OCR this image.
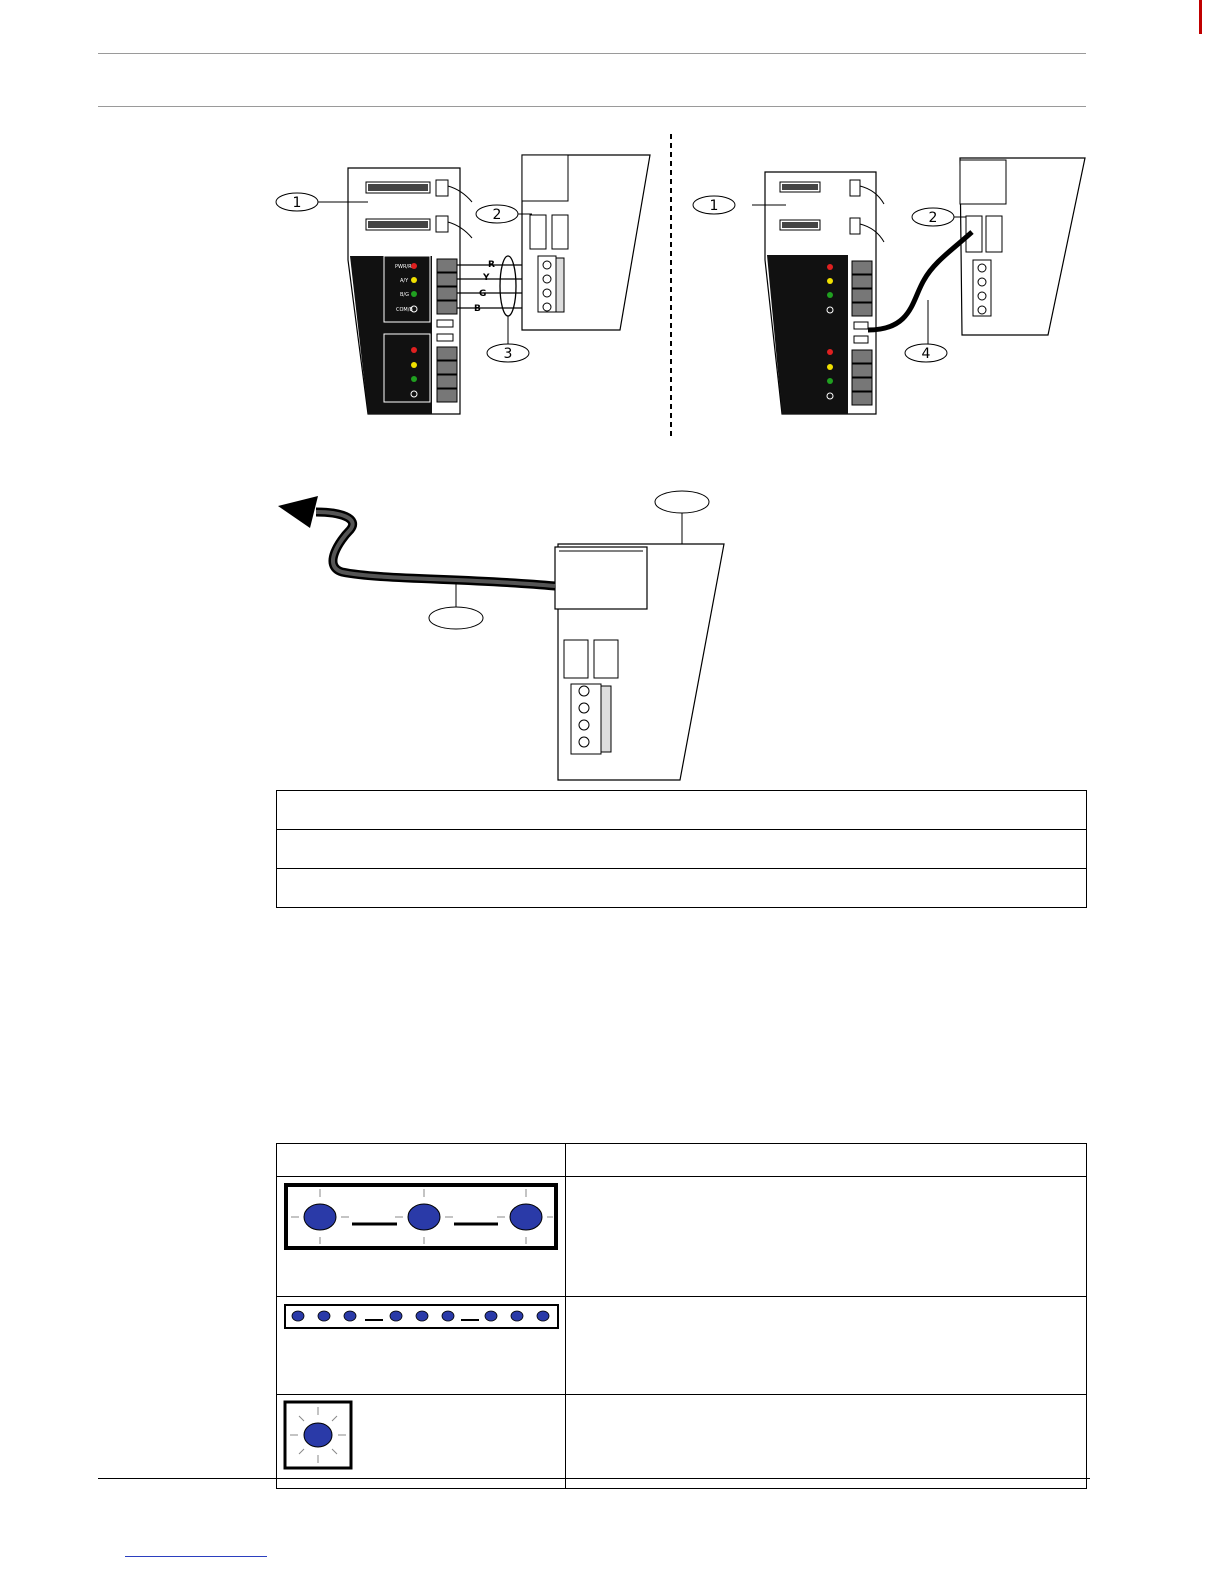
PWR/R
A/Y
B/G
COM/B
1
2
3
R
Y
G
B
1
2
4
